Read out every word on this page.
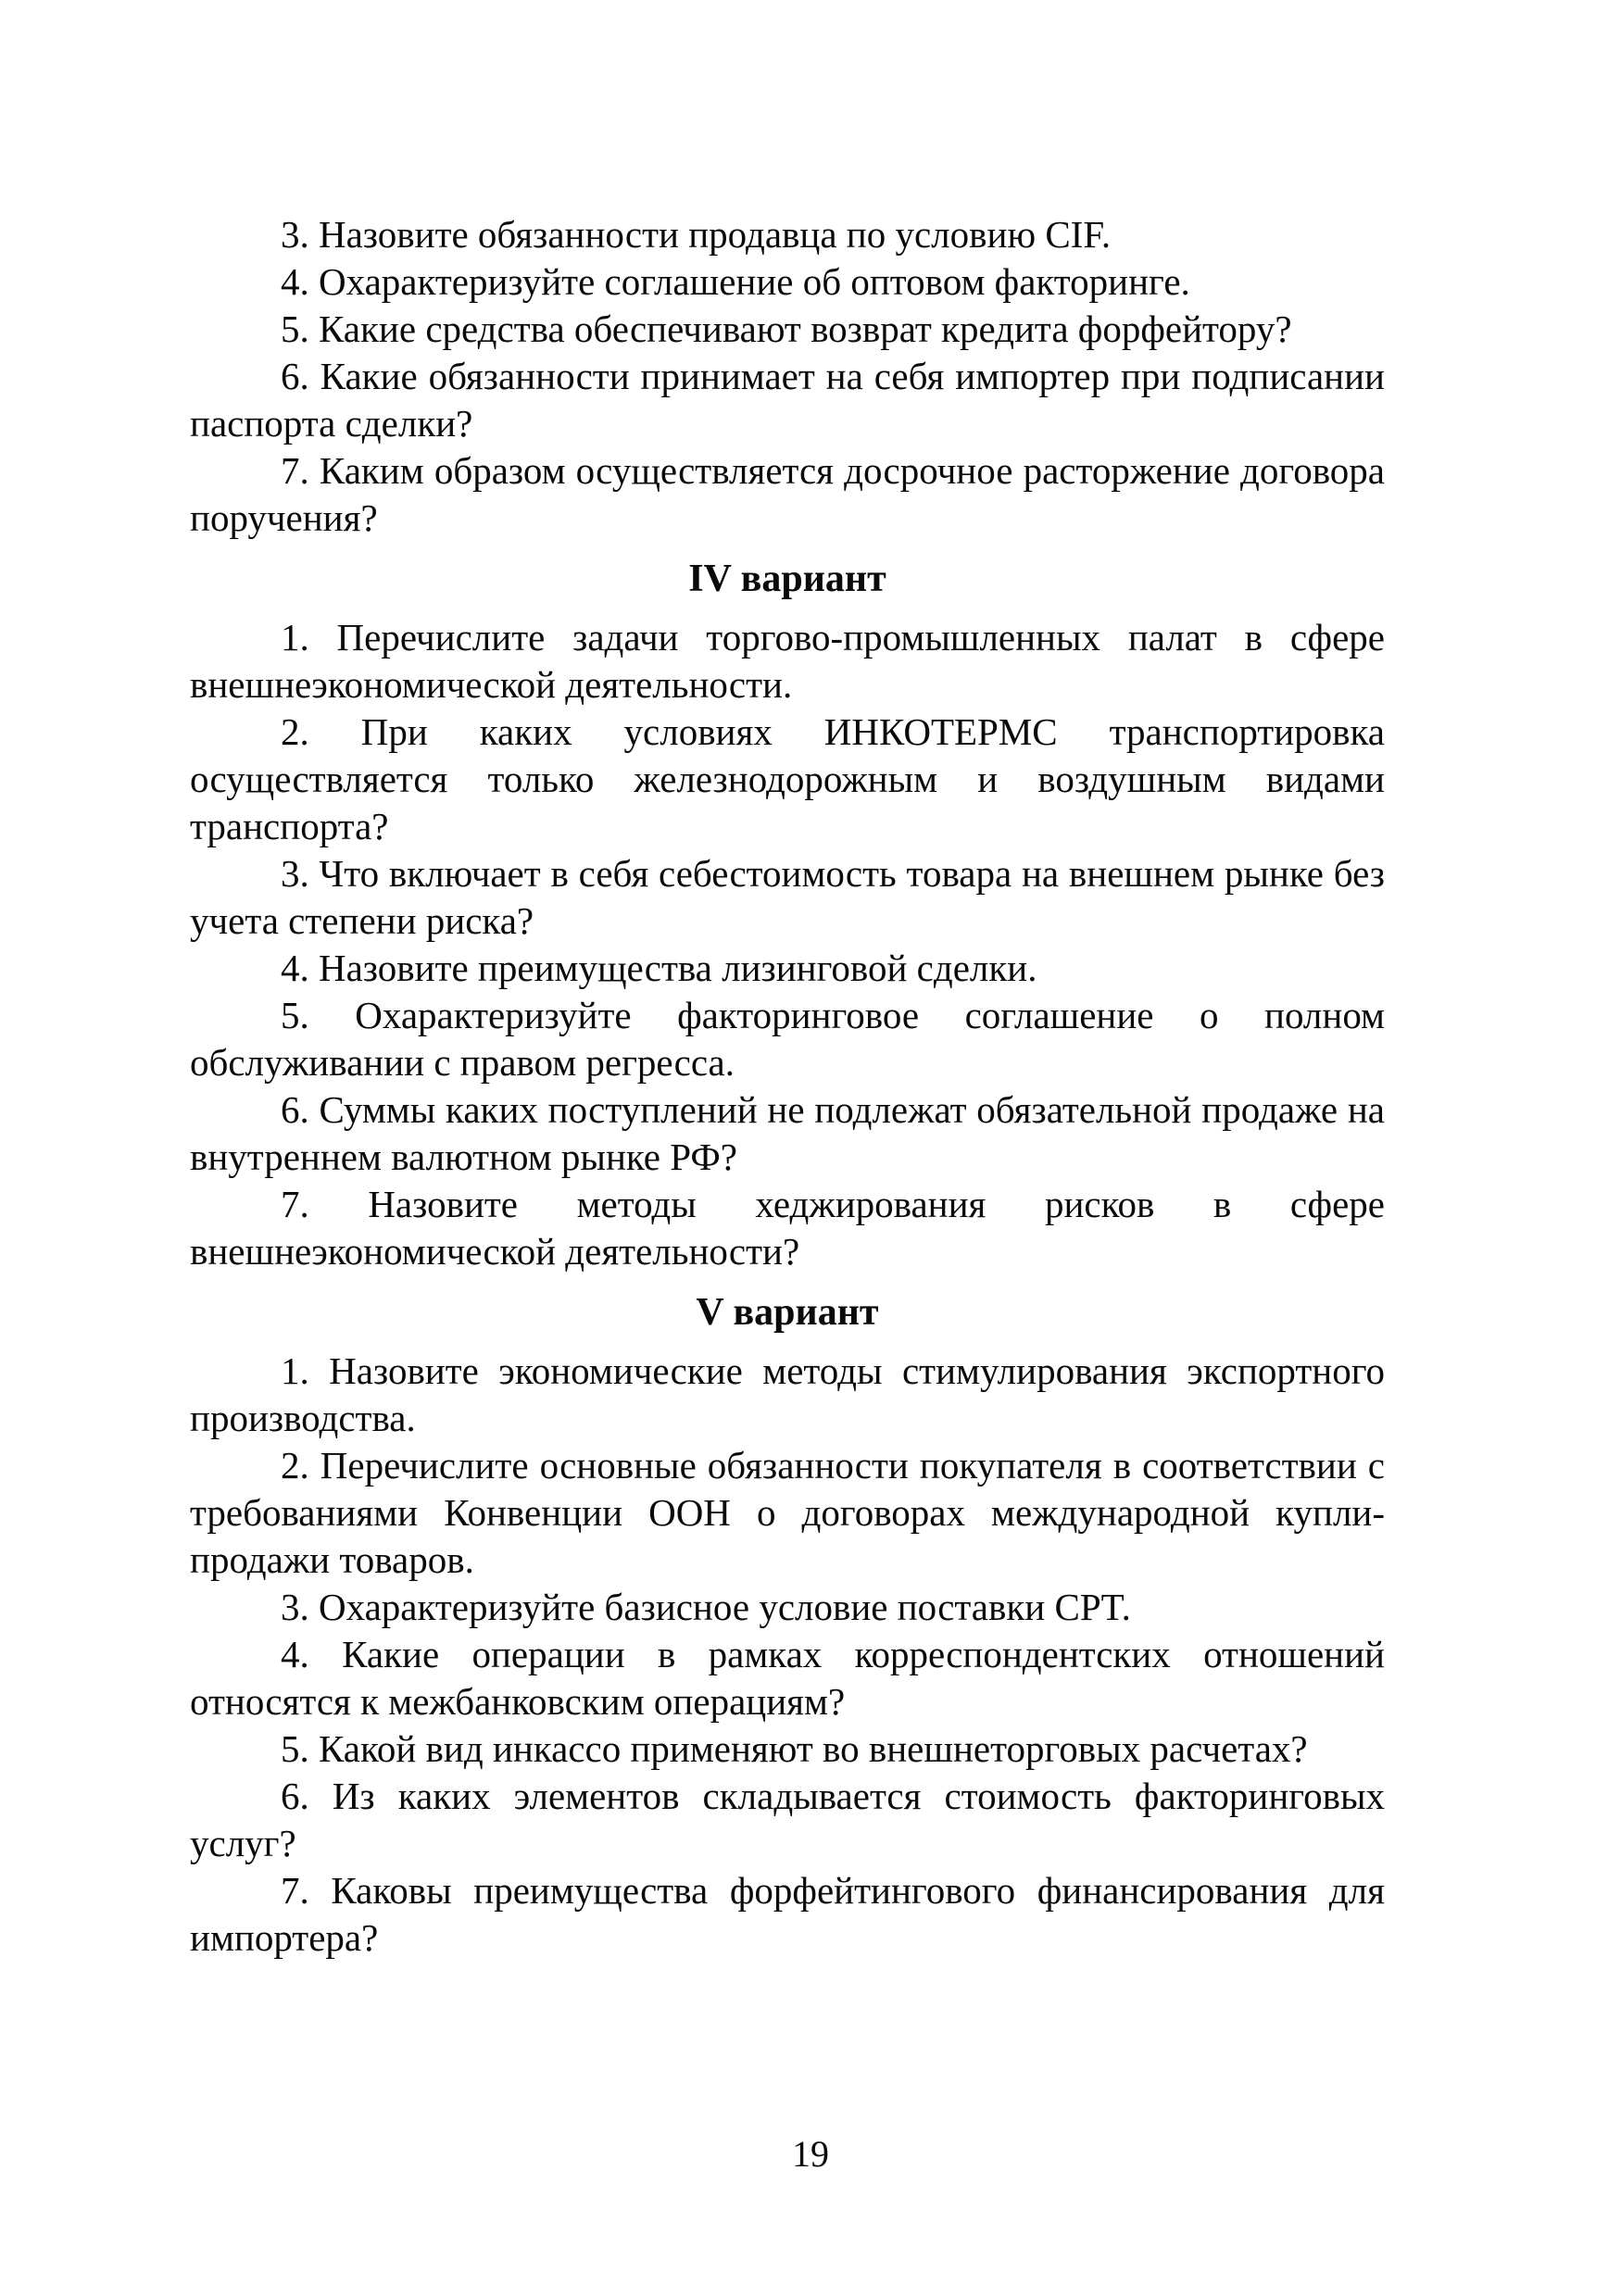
3. Назовите обязанности продавца по условию CIF.

4. Охарактеризуйте соглашение об оптовом факторинге.

5. Какие средства обеспечивают возврат кредита форфейтору?

6. Какие обязанности принимает на себя импортер при подписании паспорта сделки?

7. Каким образом осуществляется досрочное расторжение договора поручения?

IV вариант

1. Перечислите задачи торгово-промышленных палат в сфере внешнеэкономической деятельности.

2. При каких условиях ИНКОТЕРМС транспортировка осуществляется только железнодорожным и воздушным видами транспорта?

3. Что включает в себя себестоимость товара на внешнем рынке без учета степени риска?

4. Назовите преимущества лизинговой сделки.

5. Охарактеризуйте факторинговое соглашение о полном обслуживании с правом регресса.

6. Суммы каких поступлений не подлежат обязательной продаже на внутреннем валютном рынке РФ?

7. Назовите методы хеджирования рисков в сфере внешнеэкономической деятельности?

V вариант

1. Назовите экономические методы стимулирования экспортного производства.

2. Перечислите основные обязанности покупателя в соответствии с требованиями Конвенции ООН о договорах международной купли-продажи товаров.

3. Охарактеризуйте базисное условие поставки CPT.

4. Какие операции в рамках корреспондентских отношений относятся к межбанковским операциям?

5. Какой вид инкассо применяют во внешнеторговых расчетах?

6. Из каких элементов складывается стоимость факторинговых услуг?

7. Каковы преимущества форфейтингового финансирования для импортера?

19
